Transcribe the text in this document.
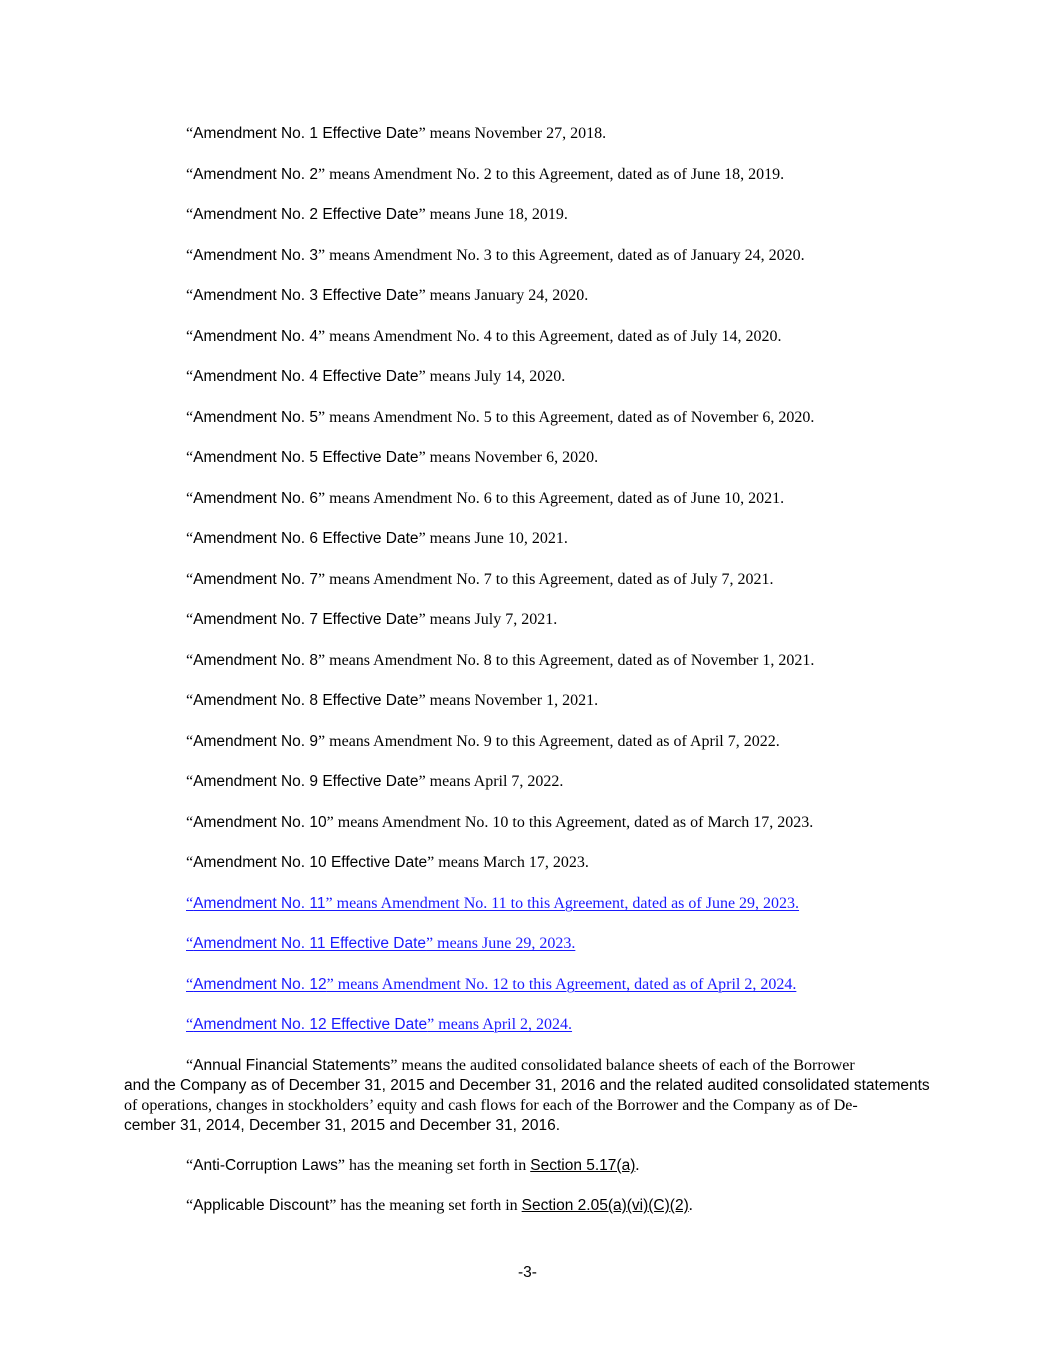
“Amendment No. 1 Effective Date” means November 27, 2018.

“Amendment No. 2” means Amendment No. 2 to this Agreement, dated as of June 18, 2019.

“Amendment No. 2 Effective Date” means June 18, 2019.

“Amendment No. 3” means Amendment No. 3 to this Agreement, dated as of January 24, 2020.

“Amendment No. 3 Effective Date” means January 24, 2020.

“Amendment No. 4” means Amendment No. 4 to this Agreement, dated as of July 14, 2020.

“Amendment No. 4 Effective Date” means July 14, 2020.

“Amendment No. 5” means Amendment No. 5 to this Agreement, dated as of November 6, 2020.

“Amendment No. 5 Effective Date” means November 6, 2020.

“Amendment No. 6” means Amendment No. 6 to this Agreement, dated as of June 10, 2021.

“Amendment No. 6 Effective Date” means June 10, 2021.

“Amendment No. 7” means Amendment No. 7 to this Agreement, dated as of July 7, 2021.

“Amendment No. 7 Effective Date” means July 7, 2021.

“Amendment No. 8” means Amendment No. 8 to this Agreement, dated as of November 1, 2021.

“Amendment No. 8 Effective Date” means November 1, 2021.

“Amendment No. 9” means Amendment No. 9 to this Agreement, dated as of April 7, 2022.

“Amendment No. 9 Effective Date” means April 7, 2022.

“Amendment No. 10” means Amendment No. 10 to this Agreement, dated as of March 17, 2023.

“Amendment No. 10 Effective Date” means March 17, 2023.

“Amendment No. 11” means Amendment No. 11 to this Agreement, dated as of June 29, 2023.

“Amendment No. 11 Effective Date” means June 29, 2023.

“Amendment No. 12” means Amendment No. 12 to this Agreement, dated as of April 2, 2024.

“Amendment No. 12 Effective Date” means April 2, 2024.

“Annual Financial Statements” means the audited consolidated balance sheets of each of the Borrower
and the Company as of December 31, 2015 and December 31, 2016 and the related audited consolidated statements
of operations, changes in stockholders’ equity and cash flows for each of the Borrower and the Company as of De-
cember 31, 2014, December 31, 2015 and December 31, 2016.

“Anti-Corruption Laws” has the meaning set forth in Section 5.17(a).

“Applicable Discount” has the meaning set forth in Section 2.05(a)(vi)(C)(2).

-3-
